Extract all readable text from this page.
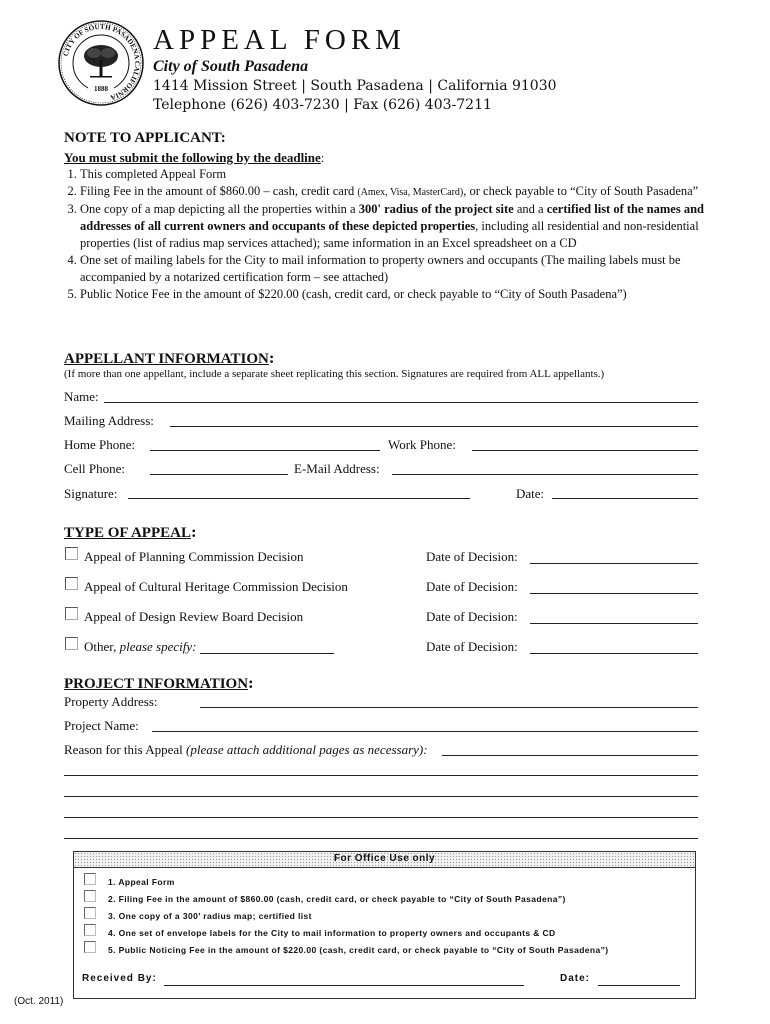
CITY OF SOUTH PASADENA CALIFORNIA
1888
APPEAL FORM
City of South Pasadena
1414 Mission Street | South Pasadena | California 91030
Telephone (626) 403-7230 | Fax (626) 403-7211
NOTE TO APPLICANT:
You must submit the following by the deadline:
1. This completed Appeal Form
2. Filing Fee in the amount of $860.00 – cash, credit card (Amex, Visa, MasterCard), or check payable to “City of South Pasadena”
3. One copy of a map depicting all the properties within a 300' radius of the project site and a certified list of the names and addresses of all current owners and occupants of these depicted properties, including all residential and non-residential properties (list of radius map services attached); same information in an Excel spreadsheet on a CD
4. One set of mailing labels for the City to mail information to property owners and occupants (The mailing labels must be accompanied by a notarized certification form – see attached)
5. Public Notice Fee in the amount of $220.00 (cash, credit card, or check payable to “City of South Pasadena”)
APPELLANT INFORMATION:
(If more than one appellant, include a separate sheet replicating this section. Signatures are required from ALL appellants.)
Name:
Mailing Address:
Home Phone:	Work Phone:
Cell Phone:	E-Mail Address:
Signature:	Date:
TYPE OF APPEAL:
Appeal of Planning Commission Decision	Date of Decision:
Appeal of Cultural Heritage Commission Decision	Date of Decision:
Appeal of Design Review Board Decision	Date of Decision:
Other, please specify:	Date of Decision:
PROJECT INFORMATION:
Property Address:
Project Name:
Reason for this Appeal (please attach additional pages as necessary):
For Office Use only
1. Appeal Form
2. Filing Fee in the amount of $860.00 (cash, credit card, or check payable to “City of South Pasadena”)
3. One copy of a 300’ radius map; certified list
4. One set of envelope labels for the City to mail information to property owners and occupants & CD
5. Public Noticing Fee in the amount of $220.00 (cash, credit card, or check payable to “City of South Pasadena”)
Received By:	Date:
(Oct. 2011)
